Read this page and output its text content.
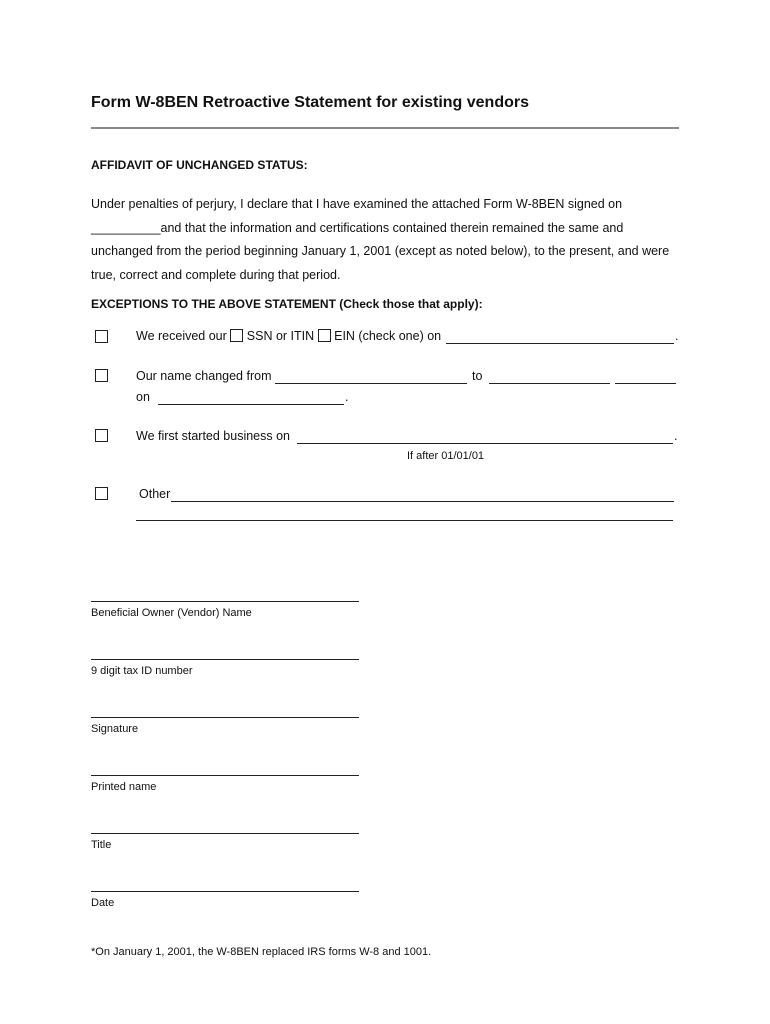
Form W-8BEN Retroactive Statement for existing vendors
AFFIDAVIT OF UNCHANGED STATUS:
Under penalties of perjury, I declare that I have examined the attached Form W-8BEN signed on
__________and that the information and certifications contained therein remained the same and
unchanged from the period beginning January 1, 2001 (except as noted below), to the present, and were
true, correct and complete during that period.
EXCEPTIONS TO THE ABOVE STATEMENT (Check those that apply):
We received our SSN or ITIN EIN (check one) on	.
Our name changed from	to
on	.
We first started business on	.
If after 01/01/01
Other
Beneficial Owner (Vendor) Name
9 digit tax ID number
Signature
Printed name
Title
Date
*On January 1, 2001, the W-8BEN replaced IRS forms W-8 and 1001.
